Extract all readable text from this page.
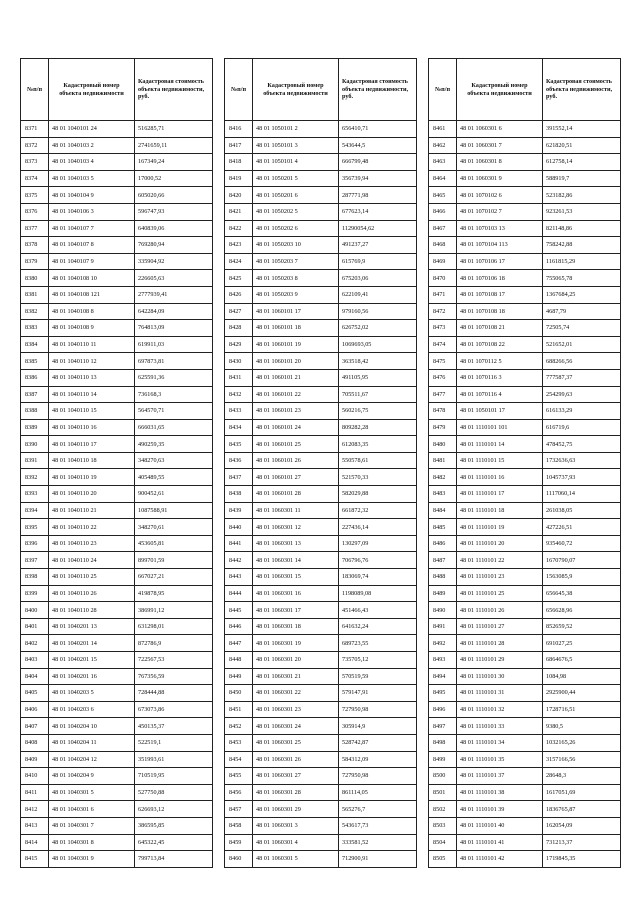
№п/п	Кадастровый номер объекта недвижимости	Кадастровая стоимость объекта недвижимости, руб.
8371	48 01 1040101 24	516285,71
8372	48 01 1040103 2	2741659,11
8373	48 01 1040103 4	167349,24
8374	48 01 1040103 5	17000,52
8375	48 01 1040104 9	605020,66
8376	48 01 1040106 3	596747,93
8377	48 01 1040107 7	640839,06
8378	48 01 1040107 8	769280,94
8379	48 01 1040107 9	335904,92
8380	48 01 1040108 10	226605,63
8381	48 01 1040108 121	2777939,41
8382	48 01 1040108 8	642284,09
8383	48 01 1040108 9	764813,09
8384	48 01 1040110 11	619911,03
8385	48 01 1040110 12	697873,81
8386	48 01 1040110 13	625591,36
8387	48 01 1040110 14	736168,3
8388	48 01 1040110 15	564570,71
8389	48 01 1040110 16	666031,65
8390	48 01 1040110 17	490259,35
8391	48 01 1040110 18	348270,63
8392	48 01 1040110 19	405489,55
8393	48 01 1040110 20	900452,61
8394	48 01 1040110 21	1087588,91
8395	48 01 1040110 22	348270,61
8396	48 01 1040110 23	453605,81
8397	48 01 1040110 24	899701,59
8398	48 01 1040110 25	667027,21
8399	48 01 1040110 26	419878,95
8400	48 01 1040110 28	386991,12
8401	48 01 1040201 13	631298,01
8402	48 01 1040201 14	872786,9
8403	48 01 1040201 15	722567,53
8404	48 01 1040201 16	767356,59
8405	48 01 1040203 5	728444,88
8406	48 01 1040203 6	673073,86
8407	48 01 1040204 10	450135,37
8408	48 01 1040204 11	522519,1
8409	48 01 1040204 12	351993,61
8410	48 01 1040204 9	710519,95
8411	48 01 1040301 5	527750,88
8412	48 01 1040301 6	626693,12
8413	48 01 1040301 7	386595,85
8414	48 01 1040301 8	645322,45
8415	48 01 1040301 9	799713,84
№п/п	Кадастровый номер объекта недвижимости	Кадастровая стоимость объекта недвижимости, руб.
8416	48 01 1050101 2	656410,71
8417	48 01 1050101 3	543644,5
8418	48 01 1050101 4	666799,48
8419	48 01 1050201 5	356739,94
8420	48 01 1050201 6	287771,98
8421	48 01 1050202 5	677623,14
8422	48 01 1050202 6	11290054,62
8423	48 01 1050203 10	491237,27
8424	48 01 1050203 7	615769,9
8425	48 01 1050203 8	675203,06
8426	48 01 1050203 9	622109,41
8427	48 01 1060101 17	979160,56
8428	48 01 1060101 18	626752,02
8429	48 01 1060101 19	1069693,05
8430	48 01 1060101 20	363518,42
8431	48 01 1060101 21	491105,95
8432	48 01 1060101 22	705511,67
8433	48 01 1060101 23	560216,75
8434	48 01 1060101 24	809282,28
8435	48 01 1060101 25	612083,35
8436	48 01 1060101 26	550578,61
8437	48 01 1060101 27	521570,33
8438	48 01 1060101 28	582029,88
8439	48 01 1060301 11	661872,32
8440	48 01 1060301 12	227436,14
8441	48 01 1060301 13	130297,09
8442	48 01 1060301 14	706796,76
8443	48 01 1060301 15	183069,74
8444	48 01 1060301 16	1198089,08
8445	48 01 1060301 17	451466,43
8446	48 01 1060301 18	641632,24
8447	48 01 1060301 19	689723,55
8448	48 01 1060301 20	735705,12
8449	48 01 1060301 21	570519,59
8450	48 01 1060301 22	579147,91
8451	48 01 1060301 23	727950,98
8452	48 01 1060301 24	305914,9
8453	48 01 1060301 25	528742,87
8454	48 01 1060301 26	584312,09
8455	48 01 1060301 27	727950,98
8456	48 01 1060301 28	861114,05
8457	48 01 1060301 29	565276,7
8458	48 01 1060301 3	543617,73
8459	48 01 1060301 4	333581,52
8460	48 01 1060301 5	712900,91
№п/п	Кадастровый номер объекта недвижимости	Кадастровая стоимость объекта недвижимости, руб.
8461	48 01 1060301 6	391552,14
8462	48 01 1060301 7	621820,51
8463	48 01 1060301 8	612758,14
8464	48 01 1060301 9	588919,7
8465	48 01 1070102 6	523182,86
8466	48 01 1070102 7	923261,53
8467	48 01 1070103 13	821148,86
8468	48 01 1070104 113	758242,88
8469	48 01 1070106 17	1161815,29
8470	48 01 1070106 18	755065,78
8471	48 01 1070108 17	1367684,25
8472	48 01 1070108 18	4687,79
8473	48 01 1070108 21	72505,74
8474	48 01 1070108 22	521652,01
8475	48 01 1070112 5	688266,56
8476	48 01 1070116 3	777587,37
8477	48 01 1070116 4	254299,63
8478	48 01 1050101 17	616133,29
8479	48 01 1110101 101	616719,6
8480	48 01 1110101 14	478452,75
8481	48 01 1110101 15	1732636,63
8482	48 01 1110101 16	1045737,93
8483	48 01 1110101 17	1117060,14
8484	48 01 1110101 18	261038,05
8485	48 01 1110101 19	427226,51
8486	48 01 1110101 20	935460,72
8487	48 01 1110101 22	1670790,07
8488	48 01 1110101 23	1563085,9
8489	48 01 1110101 25	656645,38
8490	48 01 1110101 26	656628,96
8491	48 01 1110101 27	852659,52
8492	48 01 1110101 28	691027,25
8493	48 01 1110101 29	6864676,5
8494	48 01 1110101 30	1084,98
8495	48 01 1110101 31	2925900,44
8496	48 01 1110101 32	1728716,51
8497	48 01 1110101 33	9380,5
8498	48 01 1110101 34	1032165,26
8499	48 01 1110101 35	3157166,56
8500	48 01 1110101 37	28648,3
8501	48 01 1110101 38	1617051,69
8502	48 01 1110101 39	1836765,87
8503	48 01 1110101 40	162054,09
8504	48 01 1110101 41	731213,37
8505	48 01 1110101 42	1719845,35
